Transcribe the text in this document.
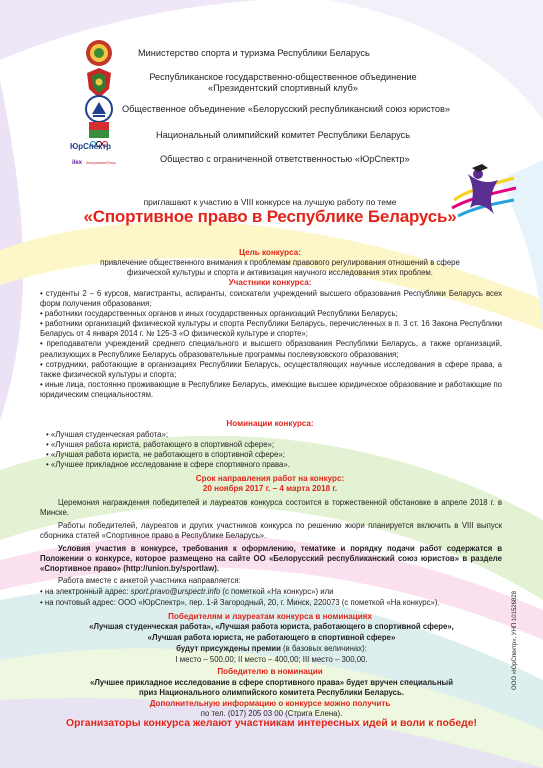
Министерство спорта и туризма Республики Беларусь
Республиканское государственно-общественное объединение «Президентский спортивный клуб»
Общественное объединение «Белорусский республиканский союз юристов»
Национальный олимпийский комитет Республики Беларусь
ЮрСпектр
ilex КонсультантПлюс	Общество с ограниченной ответственностью «ЮрСпектр»
приглашают к участию в VIII конкурсе на лучшую работу по теме
«Спортивное право в Республике Беларусь»
Цель конкурса:
привлечение общественного внимания к проблемам правового регулирования отношений в сфере физической культуры и спорта и активизация научного исследования этих проблем.
Участники конкурса:
• студенты 2 – 6 курсов, магистранты, аспиранты, соискатели учреждений высшего образования Республики Беларусь всех форм получения образования;
• работники государственных органов и иных государственных организаций Республики Беларусь;
• работники организаций физической культуры и спорта Республики Беларусь, перечисленных в п. 3 ст. 16 Закона Республики Беларусь от 4 января 2014 г. № 125-З «О физической культуре и спорте»;
• преподаватели учреждений среднего специального и высшего образования Республики Беларусь, а также организаций, реализующих в Республике Беларусь образовательные программы послевузовского образования;
• сотрудники, работающие в организациях Республики Беларусь, осуществляющих научные исследования в сфере права, а также физической культуры и спорта;
• иные лица, постоянно проживающие в Республике Беларусь, имеющие высшее юридическое образование и работающие по юридическим специальностям.
Номинации конкурса:
• «Лучшая студенческая работа»;
• «Лучшая работа юриста, работающего в спортивной сфере»;
• «Лучшая работа юриста, не работающего в спортивной сфере»;
• «Лучшее прикладное исследование в сфере спортивного права».
Срок направления работ на конкурс:
20 ноября 2017 г. – 4 марта 2018 г.
Церемония награждения победителей и лауреатов конкурса состоится в торжественной обстановке в апреле 2018 г. в Минске.
Работы победителей, лауреатов и других участников конкурса по решению жюри планируется включить в VIII выпуск сборника статей «Спортивное право в Республике Беларусь».
Условия участия в конкурсе, требования к оформлению, тематике и порядку подачи работ содержатся в Положении о конкурсе, которое размещено на сайте ОО «Белорусский республиканский союз юристов» в разделе «Спортивное право» (http://union.by/sportlaw).
Работа вместе с анкетой участника направляется:
• на электронный адрес: sport.pravo@urspectr.info (с пометкой «На конкурс») или
• на почтовый адрес: ООО «ЮрСпектр», пер. 1-й Загородный, 20, г. Минск, 220073 (с пометкой «На конкурс»).
Победителям и лауреатам конкурса в номинациях
«Лучшая студенческая работа», «Лучшая работа юриста, работающего в спортивной сфере»,
«Лучшая работа юриста, не работающего в спортивной сфере»
будут присуждены премии (в базовых величинах):
I место – 500,00; II место – 400,00; III место – 300,00.
Победителю в номинации
«Лучшее прикладное исследование в сфере спортивного права» будет вручен специальный приз Национального олимпийского комитета Республики Беларусь.
Дополнительную информацию о конкурсе можно получить
по тел. (017) 205 03 00 (Стрига Елена).
Организаторы конкурса желают участникам интересных идей и воли к победе!
ООО «ЮрСпектр», УНП 101526828
